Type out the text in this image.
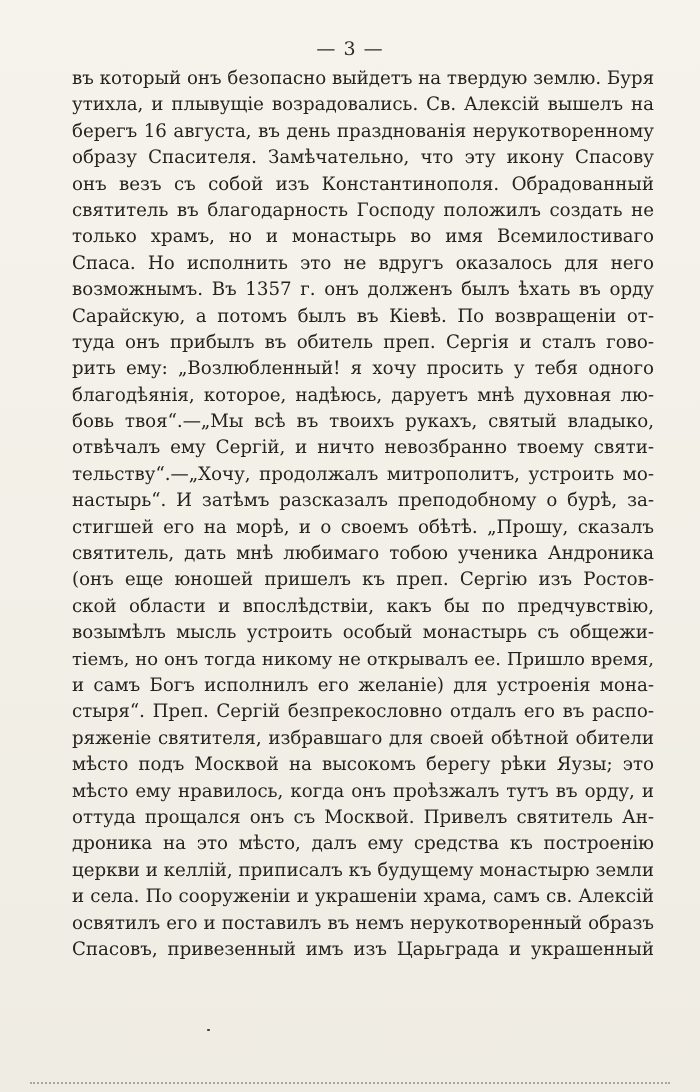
— 3 —
въ который онъ безопасно выйдетъ на твердую землю. Буря
утихла, и плывущіе возрадовались. Св. Алексій вышелъ на
берегъ 16 августа, въ день празднованія нерукотворенному
образу Спасителя. Замѣчательно, что эту икону Спасову
онъ везъ съ собой изъ Константинополя. Обрадованный
святитель въ благодарность Господу положилъ создать не
только храмъ, но и монастырь во имя Всемилостиваго
Спаса. Но исполнить это не вдругъ оказалось для него
возможнымъ. Въ 1357 г. онъ долженъ былъ ѣхать въ орду
Сарайскую, а потомъ былъ въ Кіевѣ. По возвращеніи от-
туда онъ прибылъ въ обитель преп. Сергія и сталъ гово-
рить ему: „Возлюбленный! я хочу просить у тебя одного
благодѣянія, которое, надѣюсь, даруетъ мнѣ духовная лю-
бовь твоя“.—„Мы всѣ въ твоихъ рукахъ, святый владыко,
отвѣчалъ ему Сергій, и ничто невозбранно твоему святи-
тельству“.—„Хочу, продолжалъ митрополитъ, устроить мо-
настырь“. И затѣмъ разсказалъ преподобному о бурѣ, за-
стигшей его на морѣ, и о своемъ обѣтѣ. „Прошу, сказалъ
святитель, дать мнѣ любимаго тобою ученика Андроника
(онъ еще юношей пришелъ къ преп. Сергію изъ Ростов-
ской области и впослѣдствіи, какъ бы по предчувствію,
возымѣлъ мысль устроить особый монастырь съ общежи-
тіемъ, но онъ тогда никому не открывалъ ее. Пришло время,
и самъ Богъ исполнилъ его желаніе) для устроенія мона-
стыря“. Преп. Сергій безпрекословно отдалъ его въ распо-
ряженіе святителя, избравшаго для своей обѣтной обители
мѣсто подъ Москвой на высокомъ берегу рѣки Яузы; это
мѣсто ему нравилось, когда онъ проѣзжалъ тутъ въ орду, и
оттуда прощался онъ съ Москвой. Привелъ святитель Ан-
дроника на это мѣсто, далъ ему средства къ построенію
церкви и келлій, приписалъ къ будущему монастырю земли
и села. По сооруженіи и украшеніи храма, самъ св. Алексій
освятилъ его и поставилъ въ немъ нерукотворенный образъ
Спасовъ, привезенный имъ изъ Царьграда и украшенный
